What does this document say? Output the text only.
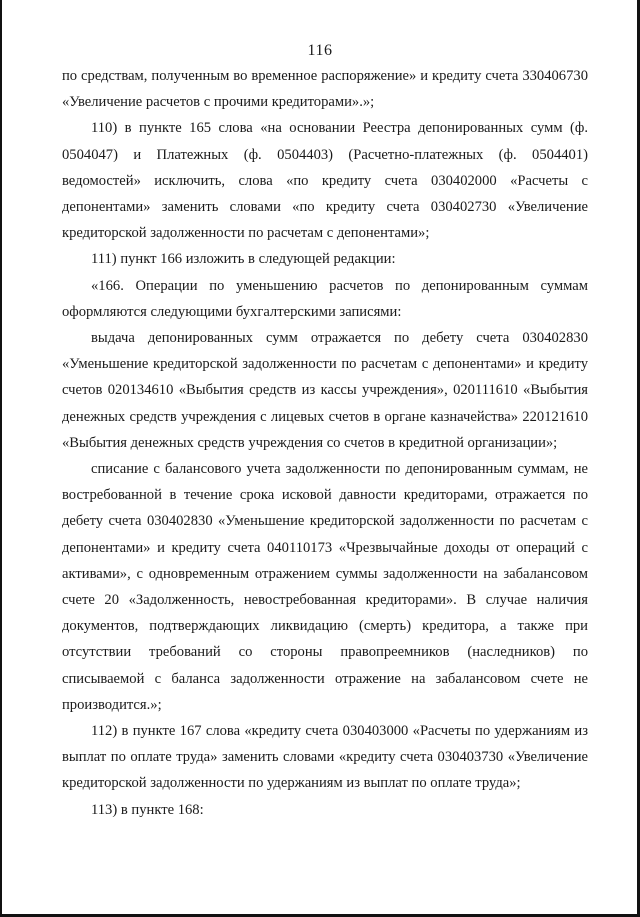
116

по средствам, полученным во временное распоряжение» и кредиту счета 330406730 «Увеличение расчетов с прочими кредиторами».»;

110) в пункте 165 слова «на основании Реестра депонированных сумм (ф. 0504047) и Платежных (ф. 0504403) (Расчетно-платежных (ф. 0504401) ведомостей» исключить, слова «по кредиту счета 030402000 «Расчеты с депонентами» заменить словами «по кредиту счета 030402730 «Увеличение кредиторской задолженности по расчетам с депонентами»;

111) пункт 166 изложить в следующей редакции:

«166. Операции по уменьшению расчетов по депонированным суммам оформляются следующими бухгалтерскими записями:

выдача депонированных сумм отражается по дебету счета 030402830 «Уменьшение кредиторской задолженности по расчетам с депонентами» и кредиту счетов 020134610 «Выбытия средств из кассы учреждения», 020111610 «Выбытия денежных средств учреждения с лицевых счетов в органе казначейства» 220121610 «Выбытия денежных средств учреждения со счетов в кредитной организации»;

списание с балансового учета задолженности по депонированным суммам, не востребованной в течение срока исковой давности кредиторами, отражается по дебету счета 030402830 «Уменьшение кредиторской задолженности по расчетам с депонентами» и кредиту счета 040110173 «Чрезвычайные доходы от операций с активами», с одновременным отражением суммы задолженности на забалансовом счете 20 «Задолженность, невостребованная кредиторами». В случае наличия документов, подтверждающих ликвидацию (смерть) кредитора, а также при отсутствии требований со стороны правопреемников (наследников) по списываемой с баланса задолженности отражение на забалансовом счете не производится.»;

112) в пункте 167 слова «кредиту счета 030403000 «Расчеты по удержаниям из выплат по оплате труда» заменить словами «кредиту счета 030403730 «Увеличение кредиторской задолженности по удержаниям из выплат по оплате труда»;

113) в пункте 168:
